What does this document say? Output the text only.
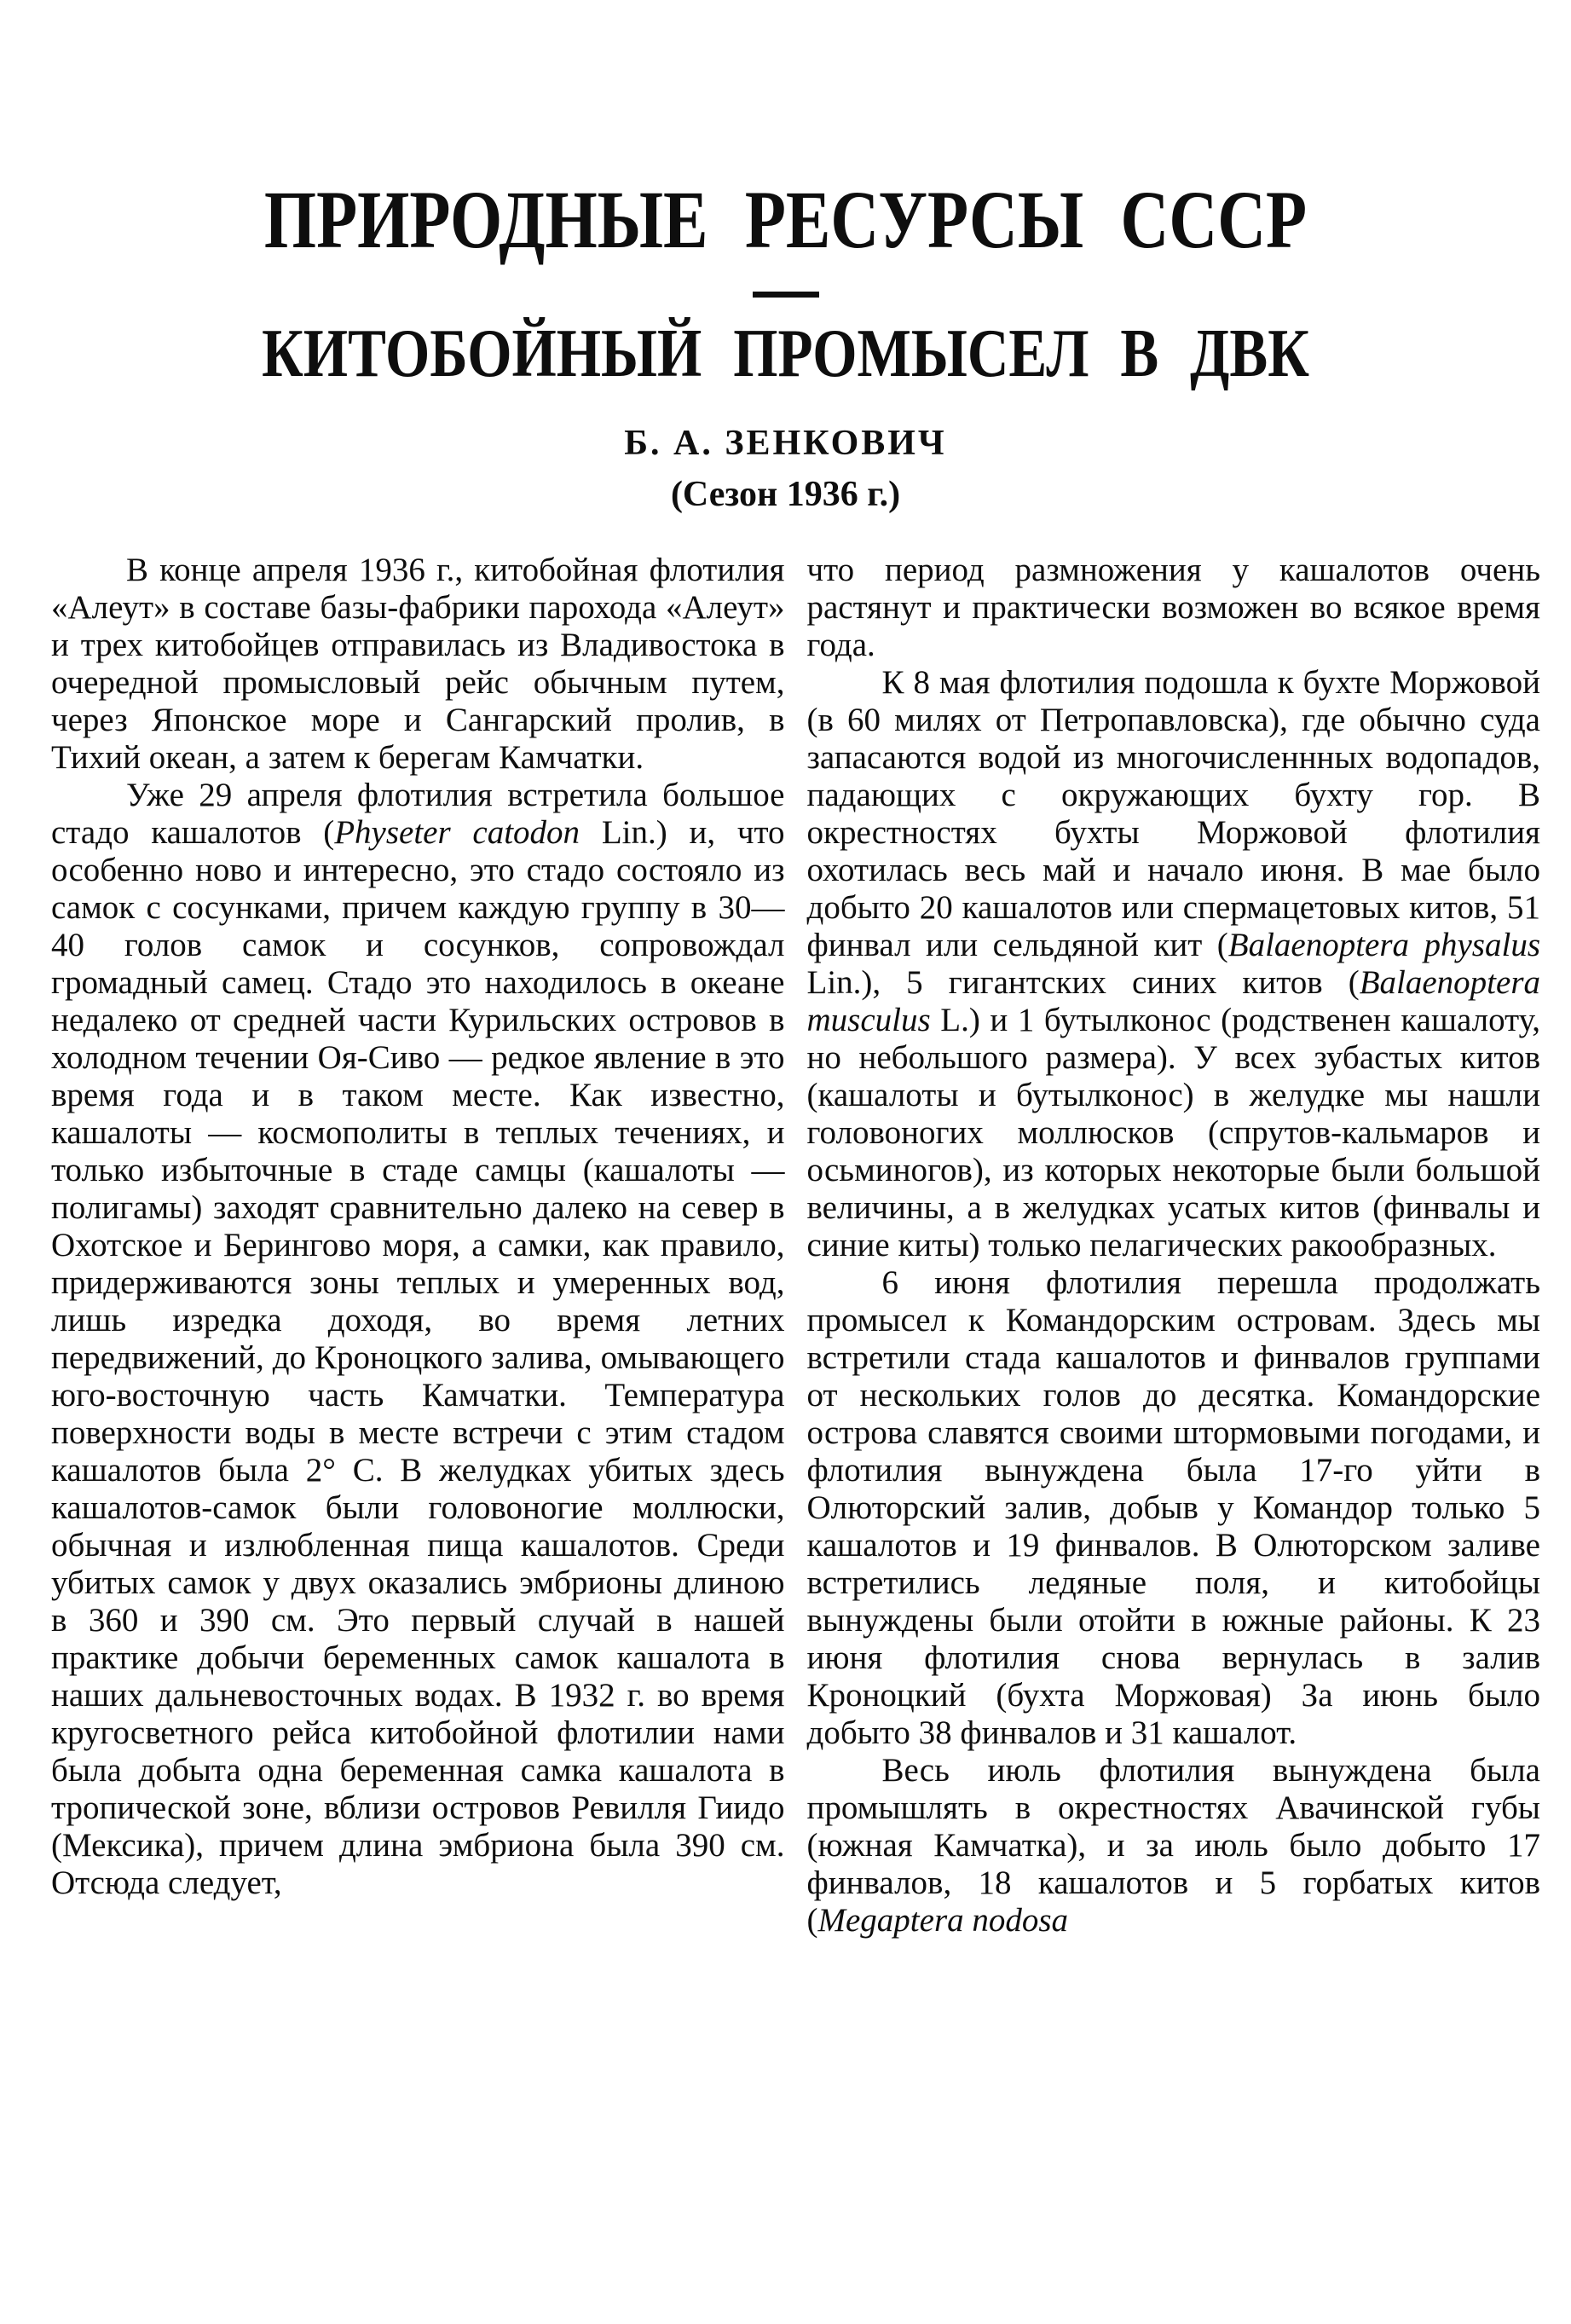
ПРИРОДНЫЕ РЕСУРСЫ СССР
КИТОБОЙНЫЙ ПРОМЫСЕЛ В ДВК
Б. А. ЗЕНКОВИЧ
(Сезон 1936 г.)

В конце апреля 1936 г., китобойная флотилия «Алеут» в составе базы-фабрики парохода «Алеут» и трех китобойцев отправилась из Владивостока в очередной промысловый рейс обычным путем, через Японское море и Сангарский пролив, в Тихий океан, а затем к берегам Камчатки.

Уже 29 апреля флотилия встретила большое стадо кашалотов (Physeter catodon Lin.) и, что особенно ново и интересно, это стадо состояло из самок с сосунками, причем каждую группу в 30—40 голов самок и сосунков, сопровождал громадный самец. Стадо это находилось в океане недалеко от средней части Курильских островов в холодном течении Оя-Сиво — редкое явление в это время года и в таком месте. Как известно, кашалоты — космополиты в теплых течениях, и только избыточные в стаде самцы (кашалоты — полигамы) заходят сравнительно далеко на север в Охотское и Берингово моря, а самки, как правило, придерживаются зоны теплых и умеренных вод, лишь изредка доходя, во время летних передвижений, до Кроноцкого залива, омывающего юго-восточную часть Камчатки. Температура поверхности воды в месте встречи с этим стадом кашалотов была 2° С. В желудках убитых здесь кашалотов-самок были головоногие моллюски, обычная и излюбленная пища кашалотов. Среди убитых самок у двух оказались эмбрионы длиною в 360 и 390 см. Это первый случай в нашей практике добычи беременных самок кашалота в наших дальневосточных водах. В 1932 г. во время кругосветного рейса китобойной флотилии нами была добыта одна беременная самка кашалота в тропической зоне, вблизи островов Ревилля Гиидо (Мексика), причем длина эмбриона была 390 см. Отсюда следует,

что период размножения у кашалотов очень растянут и практически возможен во всякое время года.

К 8 мая флотилия подошла к бухте Моржовой (в 60 милях от Петропавловска), где обычно суда запасаются водой из многочисленнных водопадов, падающих с окружающих бухту гор. В окрестностях бухты Моржовой флотилия охотилась весь май и начало июня. В мае было добыто 20 кашалотов или спермацетовых китов, 51 финвал или сельдяной кит (Balaenoptera physalus Lin.), 5 гигантских синих китов (Balaenoptera musculus L.) и 1 бутылконос (родственен кашалоту, но небольшого размера). У всех зубастых китов (кашалоты и бутылконос) в желудке мы нашли головоногих моллюсков (спрутов-кальмаров и осьминогов), из которых некоторые были большой величины, а в желудках усатых китов (финвалы и синие киты) только пелагических ракообразных.

6 июня флотилия перешла продолжать промысел к Командорским островам. Здесь мы встретили стада кашалотов и финвалов группами от нескольких голов до десятка. Командорские острова славятся своими штормовыми погодами, и флотилия вынуждена была 17-го уйти в Олюторский залив, добыв у Командор только 5 кашалотов и 19 финвалов. В Олюторском заливе встретились ледяные поля, и китобойцы вынуждены были отойти в южные районы. К 23 июня флотилия снова вернулась в залив Кроноцкий (бухта Моржовая) За июнь было добыто 38 финвалов и 31 кашалот.

Весь июль флотилия вынуждена была промышлять в окрестностях Авачинской губы (южная Камчатка), и за июль было добыто 17 финвалов, 18 кашалотов и 5 горбатых китов (Megaptera nodosa
